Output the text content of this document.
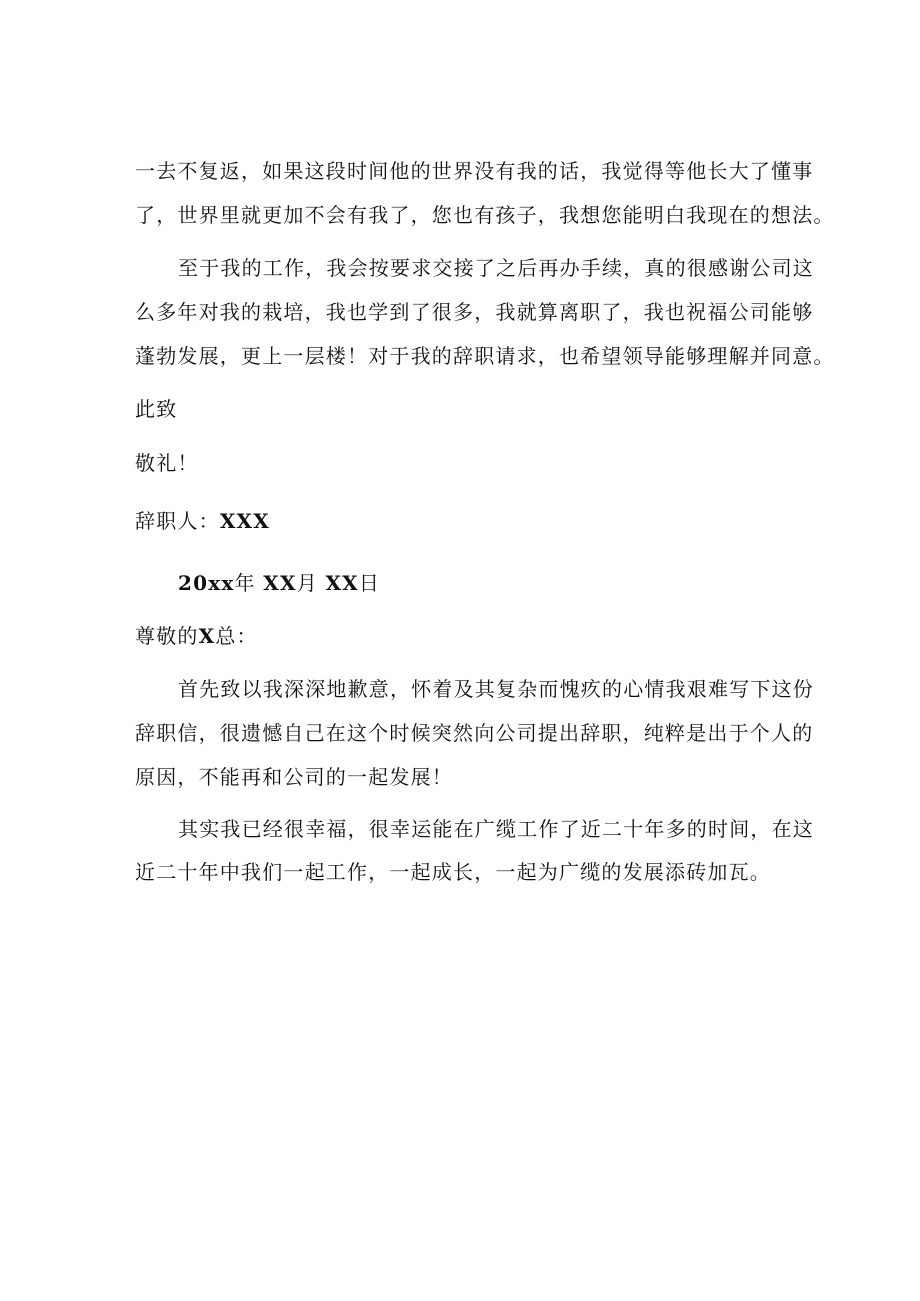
一去不复返，如果这段时间他的世界没有我的话，我觉得等他长大了懂事
了，世界里就更加不会有我了，您也有孩子，我想您能明白我现在的想法。
至于我的工作，我会按要求交接了之后再办手续，真的很感谢公司这
么多年对我的栽培，我也学到了很多，我就算离职了，我也祝福公司能够
蓬勃发展，更上一层楼！对于我的辞职请求，也希望领导能够理解并同意。
此致
敬礼！
辞职人：XXX
20xx年 XX月 XX日
尊敬的X总：
首先致以我深深地歉意，怀着及其复杂而愧疚的心情我艰难写下这份
辞职信，很遗憾自己在这个时候突然向公司提出辞职，纯粹是出于个人的
原因，不能再和公司的一起发展！
其实我已经很幸福，很幸运能在广缆工作了近二十年多的时间，在这
近二十年中我们一起工作，一起成长，一起为广缆的发展添砖加瓦。
